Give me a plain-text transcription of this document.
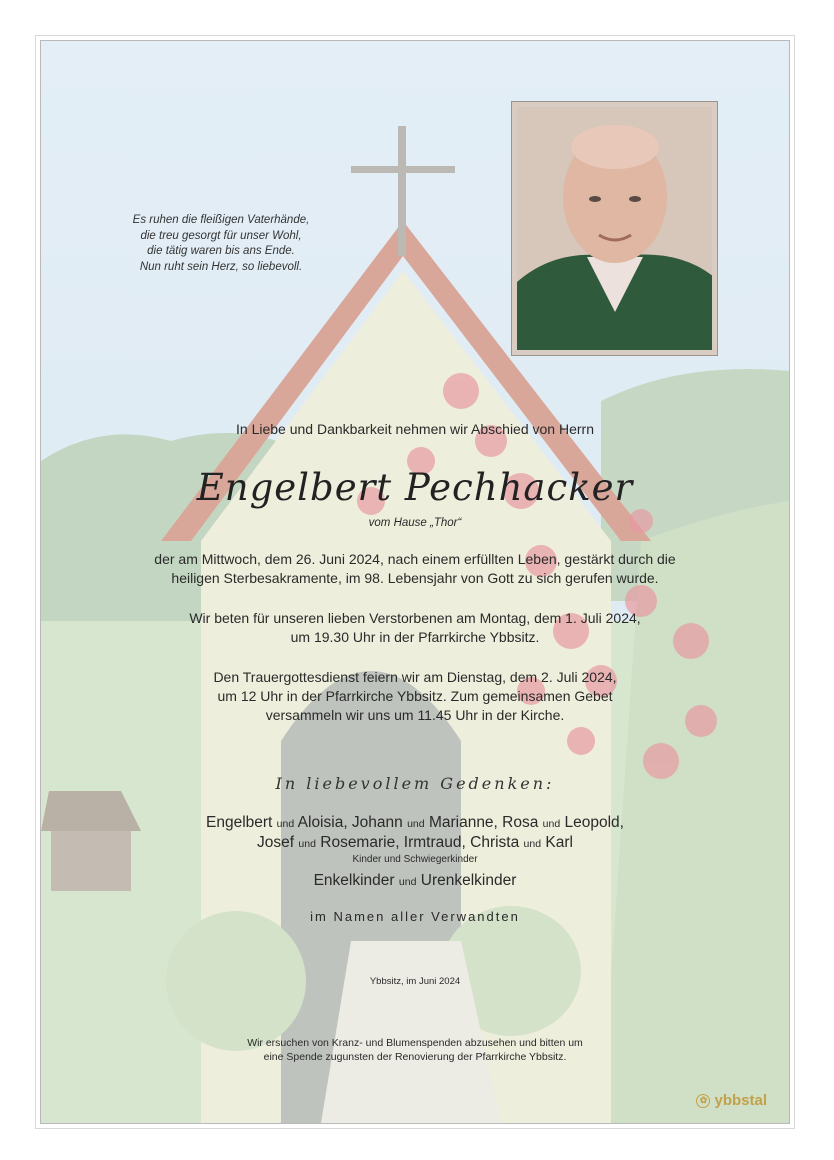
Es ruhen die fleißigen Vaterhände,
die treu gesorgt für unser Wohl,
die tätig waren bis ans Ende.
Nun ruht sein Herz, so liebevoll.
In Liebe und Dankbarkeit nehmen wir Abschied von Herrn
Engelbert Pechhacker
vom Hause „Thor“
der am Mittwoch, dem 26. Juni 2024, nach einem erfüllten Leben, gestärkt durch die
heiligen Sterbesakramente, im 98. Lebensjahr von Gott zu sich gerufen wurde.
Wir beten für unseren lieben Verstorbenen am Montag, dem 1. Juli 2024,
um 19.30 Uhr in der Pfarrkirche Ybbsitz.
Den Trauergottesdienst feiern wir am Dienstag, dem 2. Juli 2024,
um 12 Uhr in der Pfarrkirche Ybbsitz. Zum gemeinsamen Gebet
versammeln wir uns um 11.45 Uhr in der Kirche.
In liebevollem Gedenken:
Engelbert und Aloisia, Johann und Marianne, Rosa und Leopold,
Josef und Rosemarie, Irmtraud, Christa und Karl
Kinder und Schwiegerkinder
Enkelkinder und Urenkelkinder
im Namen aller Verwandten
Ybbsitz, im Juni 2024
Wir ersuchen von Kranz- und Blumenspenden abzusehen und bitten um
eine Spende zugunsten der Renovierung der Pfarrkirche Ybbsitz.
✿ ybbstal
